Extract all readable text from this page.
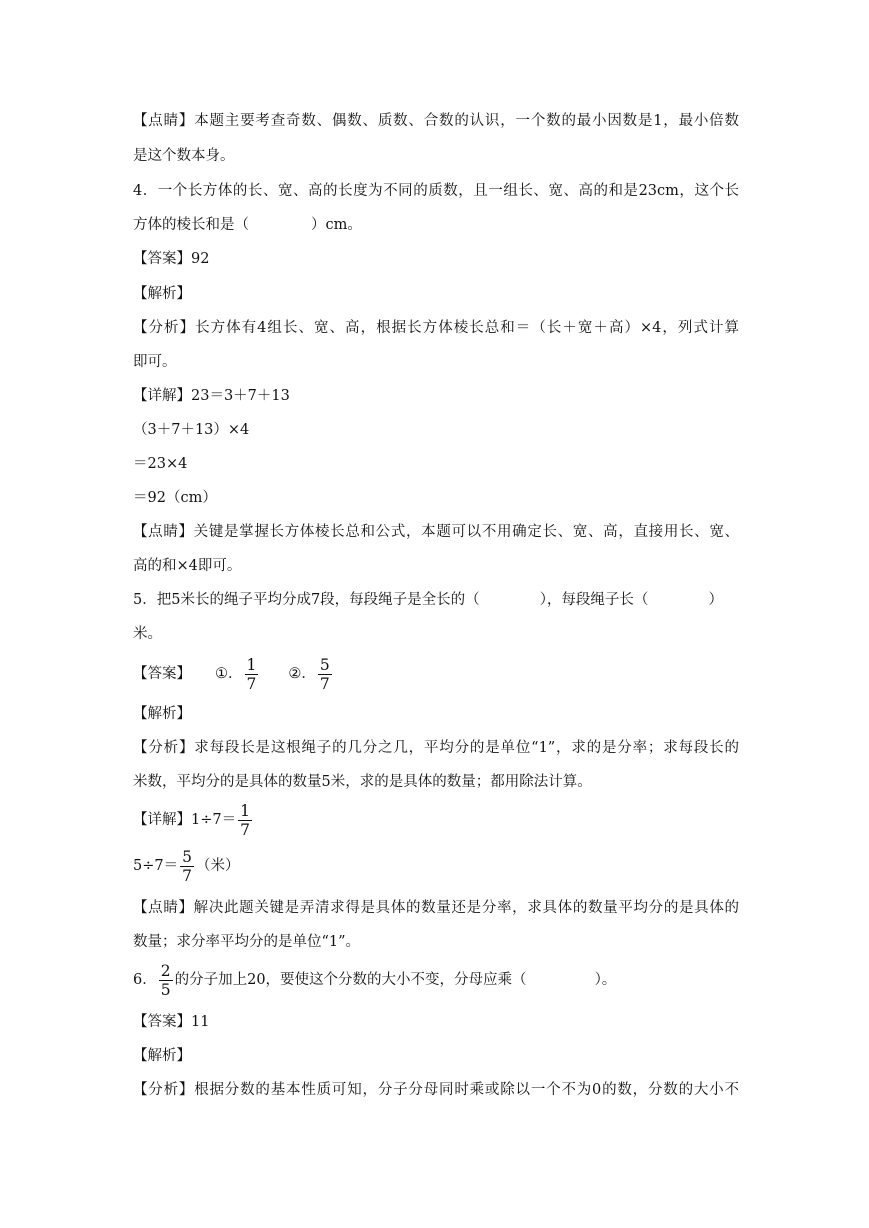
【点睛】本题主要考查奇数、偶数、质数、合数的认识，一个数的最小因数是1，最小倍数
是这个数本身。
4．一个长方体的长、宽、高的长度为不同的质数，且一组长、宽、高的和是23cm，这个长
方体的棱长和是（	）cm。
【答案】92
【解析】
【分析】长方体有4组长、宽、高，根据长方体棱长总和＝（长＋宽＋高）×4，列式计算
即可。
【详解】23＝3＋7＋13
（3＋7＋13）×4
＝23×4
＝92（cm）
【点睛】关键是掌握长方体棱长总和公式，本题可以不用确定长、宽、高，直接用长、宽、
高的和×4即可。
5．把5米长的绳子平均分成7段，每段绳子是全长的（	），每段绳子长（	）
米。
【答案】 ①． $\frac{1}{7}$ ②． $\frac{5}{7}$
【解析】
【分析】求每段长是这根绳子的几分之几，平均分的是单位“1”，求的是分率；求每段长的
米数，平均分的是具体的数量5米，求的是具体的数量；都用除法计算。
【详解】$1\div 7= \frac{1}{7}$
$5\div 7= \frac{5}{7}$ （米）
【点睛】解决此题关键是弄清求得是具体的数量还是分率，求具体的数量平均分的是具体的
数量；求分率平均分的是单位“1”。
6． $\frac{2}{5}$ 的分子加上20，要使这个分数的大小不变，分母应乘（	）。
【答案】11
【解析】
【分析】根据分数的基本性质可知，分子分母同时乘或除以一个不为0的数，分数的大小不
